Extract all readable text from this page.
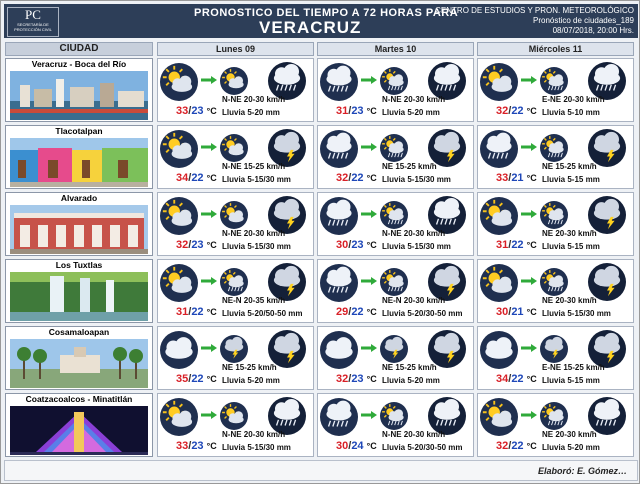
PC
SECRETARÍA DE PROTECCIÓN CIVIL
PRONOSTICO DEL TIEMPO A 72 HORAS PARA
VERACRUZ
CENTRO DE ESTUDIOS Y PRON. METEOROLÓGICO
Pronóstico de ciudades_189
08/07/2018, 20:00 Hrs.
CIUDAD	Lunes 09	Martes 10	Miércoles 11
Veracruz - Boca del Río
33/23 °C
N-NE 20-30 km/h
Lluvia 5-20 mm	31/23 °C
N-NE 20-30 km/h
Lluvia 5-20 mm	32/22 °C
E-NE 20-30 km/h
Lluvia 5-10 mm
Tlacotalpan
34/22 °C
N-NE 15-25 km/h
Lluvia 5-15/30 mm	32/22 °C
NE 15-25 km/h
Lluvia 5-15/30 mm	33/21 °C
NE 15-25 km/h
Lluvia 5-15 mm
Alvarado
32/23 °C
N-NE 20-30 km/h
Lluvia 5-15/30 mm	30/23 °C
N-NE 20-30 km/h
Lluvia 5-15/30 mm	31/22 °C
NE 20-30 km/h
Lluvia 5-15 mm
Los Tuxtlas
31/22 °C
NE-N 20-35 km/h
Lluvia 5-20/50-50 mm	29/22 °C
NE-N 20-30 km/h
Lluvia 5-20/30-50 mm	30/21 °C
NE 20-30 km/h
Lluvia 5-15/30 mm
Cosamaloapan
35/22 °C
NE 15-25 km/h
Lluvia 5-20 mm	32/23 °C
NE 15-25 km/h
Lluvia 5-20 mm	34/22 °C
E-NE 15-25 km/h
Lluvia 5-15 mm
Coatzacoalcos - Minatitlán
33/23 °C
N-NE 20-30 km/h
Lluvia 5-15/30 mm	30/24 °C
N-NE 20-30 km/h
Lluvia 5-20/30-50 mm	32/22 °C
NE 20-30 km/h
Lluvia 5-20 mm
Elaboró: E. Gómez…
